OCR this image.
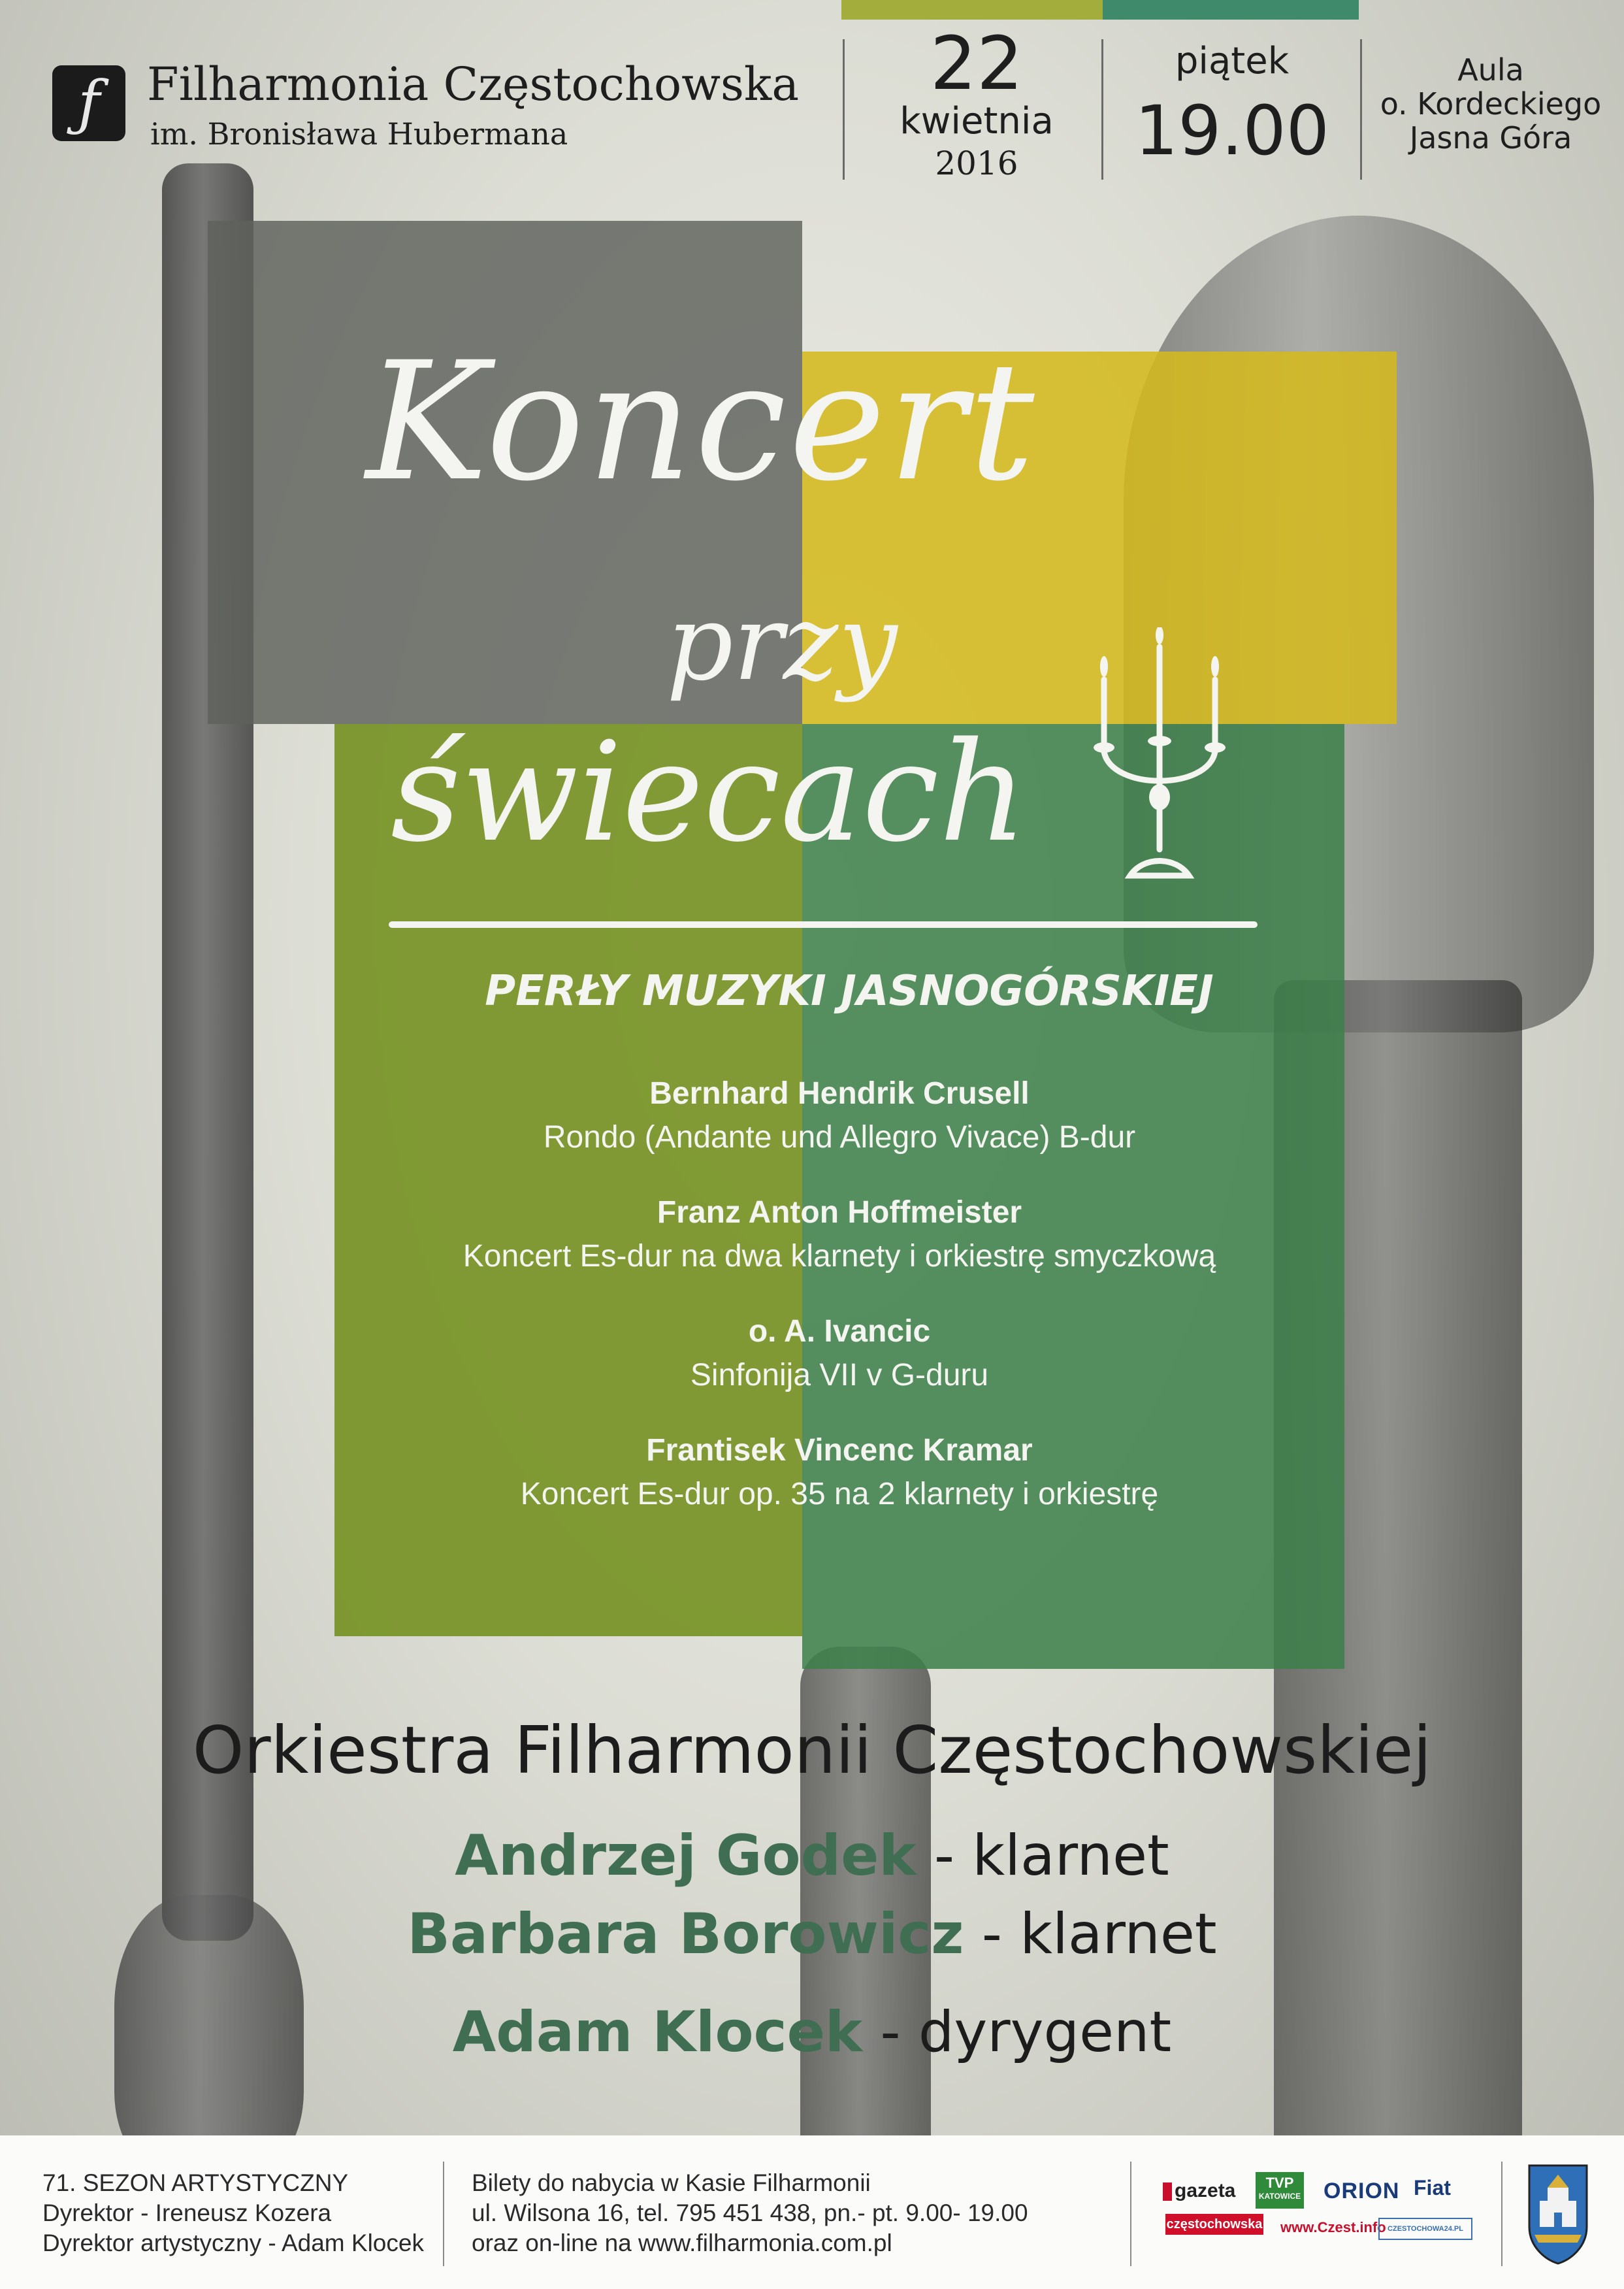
ƒ	Filharmonia Częstochowska
im. Bronisława Hubermana
22
kwietnia
2016
piątek
19.00
Aula
o. Kordeckiego
Jasna Góra
Koncert
przy
świecach
PERŁY MUZYKI JASNOGÓRSKIEJ
Bernhard Hendrik Crusell
Rondo (Andante und Allegro Vivace) B-dur
Franz Anton Hoffmeister
Koncert Es-dur na dwa klarnety i orkiestrę smyczkową
o. A. Ivancic
Sinfonija VII v G-duru
Frantisek Vincenc Kramar
Koncert Es-dur op. 35 na 2 klarnety i orkiestrę
Orkiestra Filharmonii Częstochowskiej
Andrzej Godek - klarnet
Barbara Borowicz - klarnet
Adam Klocek - dyrygent
71. SEZON ARTYSTYCZNY
Dyrektor - Ireneusz Kozera
Dyrektor artystyczny - Adam Klocek
Bilety do nabycia w Kasie Filharmonii
ul. Wilsona 16, tel. 795 451 438, pn.- pt. 9.00- 19.00
oraz on-line na www.filharmonia.com.pl
gazeta
częstochowska
TVP
KATOWICE
www.Czest.info
ORION Fiat
CZESTOCHOWA24.PL
